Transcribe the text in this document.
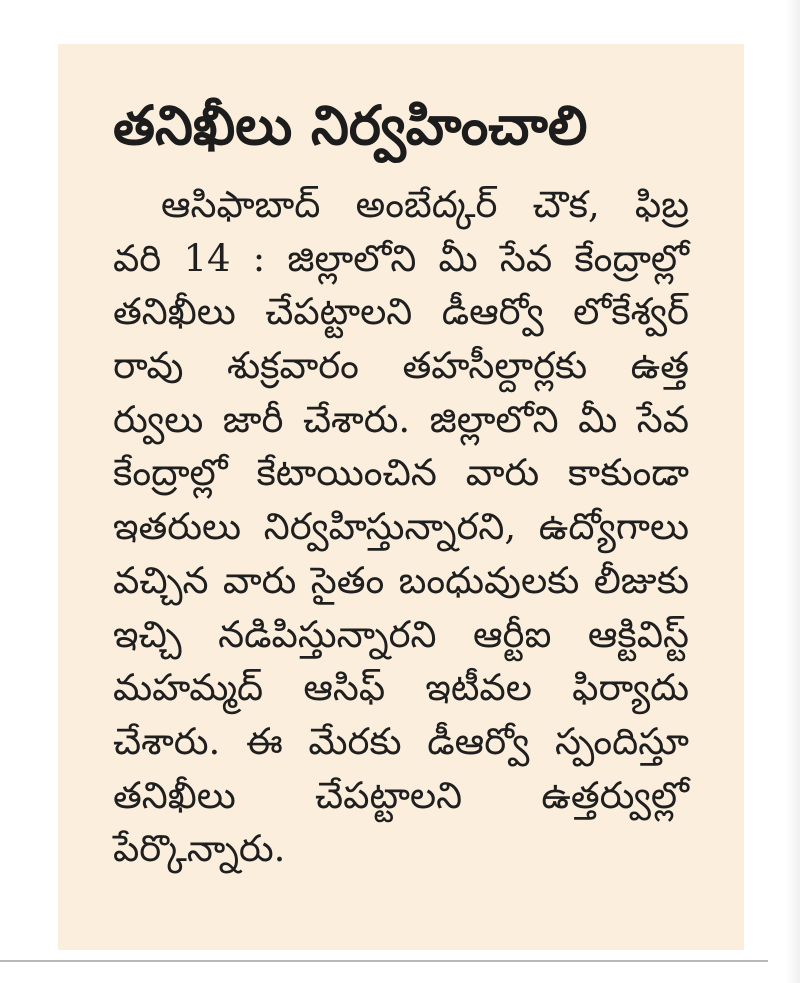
తనిఖీలు నిర్వహించాలి
ఆసిఫాబాద్ అంబేద్కర్ చౌక, ఫిబ్ర
వరి 14 : జిల్లాలోని మీ సేవ కేంద్రాల్లో
తనిఖీలు చేపట్టాలని డీఆర్వో లోకేశ్వర్
రావు శుక్రవారం తహసీల్దార్లకు ఉత్త
ర్వులు జారీ చేశారు. జిల్లాలోని మీ సేవ
కేంద్రాల్లో కేటాయించిన వారు కాకుండా
ఇతరులు నిర్వహిస్తున్నారని, ఉద్యోగాలు
వచ్చిన వారు సైతం బంధువులకు లీజుకు
ఇచ్చి నడిపిస్తున్నారని ఆర్టీఐ ఆక్టివిస్ట్
మహమ్మద్ ఆసిఫ్ ఇటీవల ఫిర్యాదు
చేశారు. ఈ మేరకు డీఆర్వో స్పందిస్తూ
తనిఖీలు చేపట్టాలని ఉత్తర్వుల్లో
పేర్కొన్నారు.
